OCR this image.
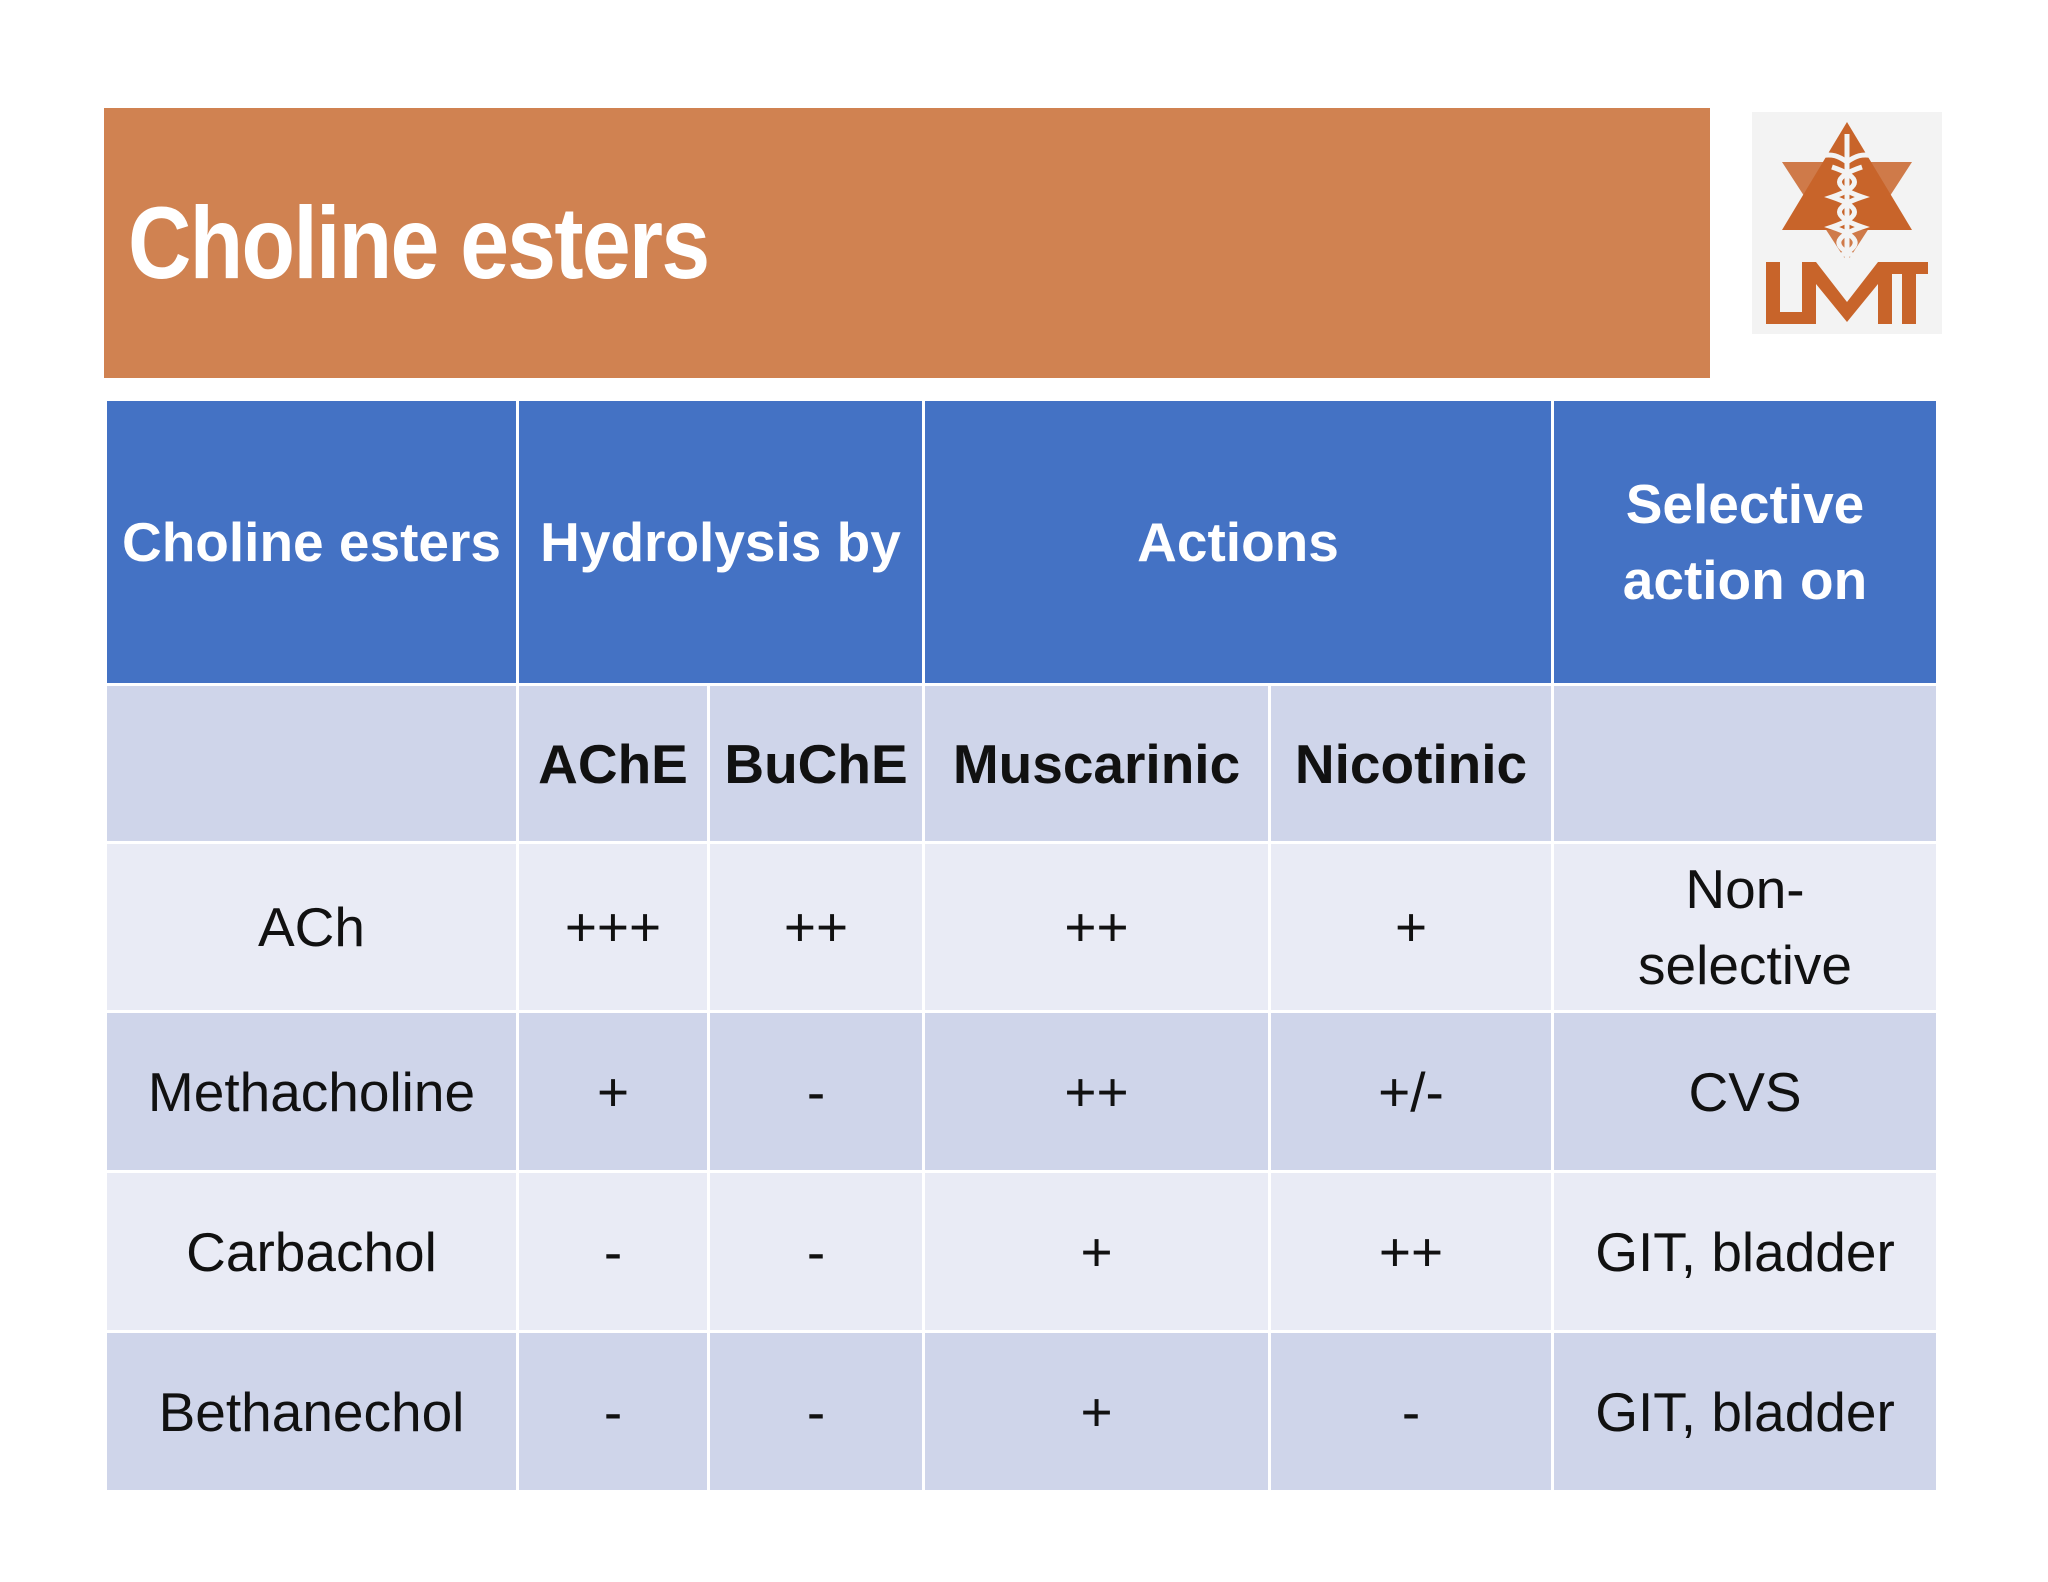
Choline esters	LMI
Choline esters	Hydrolysis by		Actions		Selective action on
	AChE	BuChE	Muscarinic	Nicotinic	
ACh	+++	++	++	+	Non-selective
Methacholine	+	-	++	+/-	CVS
Carbachol	-	-	+	++	GIT, bladder
Bethanechol	-	-	+	-	GIT, bladder
